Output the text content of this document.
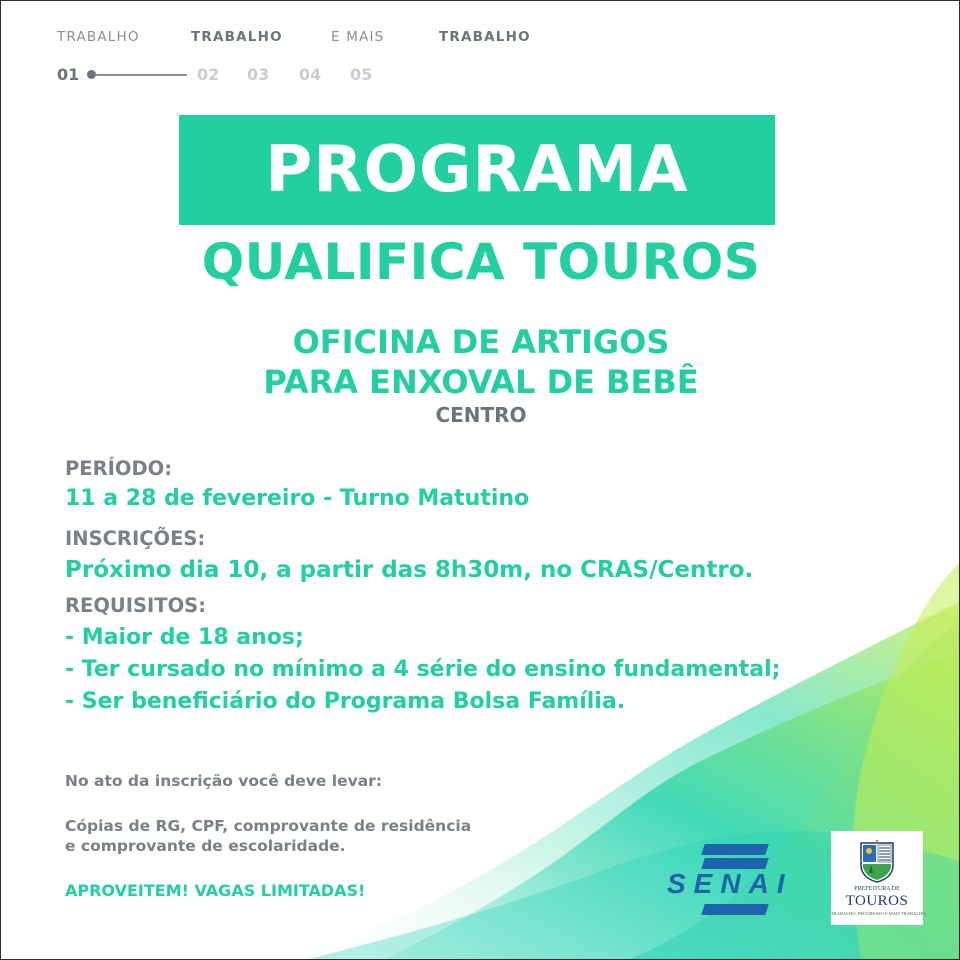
TRABALHO	TRABALHO	E MAIS	TRABALHO
01	02 03 04 05
PROGRAMA
QUALIFICA TOUROS
OFICINA DE ARTIGOS
PARA ENXOVAL DE BEBÊ
CENTRO
PERÍODO:
11 a 28 de fevereiro - Turno Matutino
INSCRIÇÕES:
Próximo dia 10, a partir das 8h30m, no CRAS/Centro.
REQUISITOS:
- Maior de 18 anos;
- Ter cursado no mínimo a 4 série do ensino fundamental;
- Ser beneficiário do Programa Bolsa Família.
No ato da inscrição você deve levar:
Cópias de RG, CPF, comprovante de residência
e comprovante de escolaridade.
APROVEITEM! VAGAS LIMITADAS!	SENAI	PREFEITURA DE
TOUROS
TRABALHO, PROGRESSO E MAIS TRABALHO
